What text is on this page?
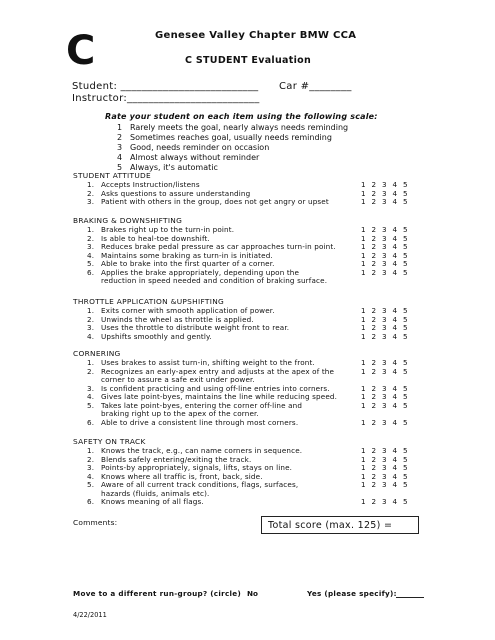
C	Genesee Valley Chapter BMW CCA
C STUDENT Evaluation
Student: __________________________ Car #________
Instructor:_________________________
Rate your student on each item using the following scale:
1 Rarely meets the goal, nearly always needs reminding
2 Sometimes reaches goal, usually needs reminding
3 Good, needs reminder on occasion
4 Almost always without reminder
5 Always, it's automatic
STUDENT ATTITUDE
1. Accepts Instruction/listens	1 2 3 4 5
2. Asks questions to assure understanding	1 2 3 4 5
3. Patient with others in the group, does not get angry or upset	1 2 3 4 5
BRAKING & DOWNSHIFTING
1. Brakes right up to the turn-in point.	1 2 3 4 5
2. Is able to heal-toe downshift.	1 2 3 4 5
3. Reduces brake pedal pressure as car approaches turn-in point.	1 2 3 4 5
4. Maintains some braking as turn-in is initiated.	1 2 3 4 5
5. Able to brake into the first quarter of a corner.	1 2 3 4 5
6. Applies the brake appropriately, depending upon the	1 2 3 4 5
reduction in speed needed and condition of braking surface.
THROTTLE APPLICATION &UPSHIFTING
1. Exits corner with smooth application of power.	1 2 3 4 5
2. Unwinds the wheel as throttle is applied.	1 2 3 4 5
3. Uses the throttle to distribute weight front to rear.	1 2 3 4 5
4. Upshifts smoothly and gently.	1 2 3 4 5
CORNERING
1. Uses brakes to assist turn-in, shifting weight to the front.	1 2 3 4 5
2. Recognizes an early-apex entry and adjusts at the apex of the	1 2 3 4 5
corner to assure a safe exit under power.
3. Is confident practicing and using off-line entries into corners.	1 2 3 4 5
4. Gives late point-byes, maintains the line while reducing speed.	1 2 3 4 5
5. Takes late point-byes, entering the corner off-line and	1 2 3 4 5
braking right up to the apex of the corner.
6. Able to drive a consistent line through most corners.	1 2 3 4 5
SAFETY ON TRACK
1. Knows the track, e.g., can name corners in sequence.	1 2 3 4 5
2. Blends safely entering/exiting the track.	1 2 3 4 5
3. Points-by appropriately, signals, lifts, stays on line.	1 2 3 4 5
4. Knows where all traffic is, front, back, side.	1 2 3 4 5
5. Aware of all current track conditions, flags, surfaces,	1 2 3 4 5
hazards (fluids, animals etc).
6. Knows meaning of all flags.	1 2 3 4 5
Comments:	Total score (max. 125) =
Move to a different run-group? (circle) No	Yes (please specify):
4/22/2011
